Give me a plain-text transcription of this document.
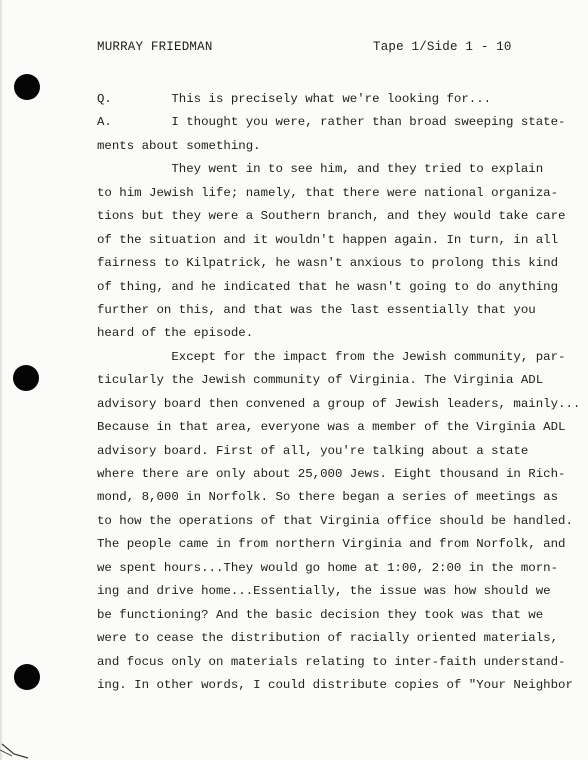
MURRAY FRIEDMAN	Tape 1/Side 1 - 10
Q.        This is precisely what we're looking for...
A.        I thought you were, rather than broad sweeping state-
ments about something.
They went in to see him, and they tried to explain
to him Jewish life; namely, that there were national organiza-
tions but they were a Southern branch, and they would take care
of the situation and it wouldn't happen again. In turn, in all
fairness to Kilpatrick, he wasn't anxious to prolong this kind
of thing, and he indicated that he wasn't going to do anything
further on this, and that was the last essentially that you
heard of the episode.
Except for the impact from the Jewish community, par-
ticularly the Jewish community of Virginia. The Virginia ADL
advisory board then convened a group of Jewish leaders, mainly...
Because in that area, everyone was a member of the Virginia ADL
advisory board. First of all, you're talking about a state
where there are only about 25,000 Jews. Eight thousand in Rich-
mond, 8,000 in Norfolk. So there began a series of meetings as
to how the operations of that Virginia office should be handled.
The people came in from northern Virginia and from Norfolk, and
we spent hours...They would go home at 1:00, 2:00 in the morn-
ing and drive home...Essentially, the issue was how should we
be functioning? And the basic decision they took was that we
were to cease the distribution of racially oriented materials,
and focus only on materials relating to inter-faith understand-
ing. In other words, I could distribute copies of "Your Neighbor
